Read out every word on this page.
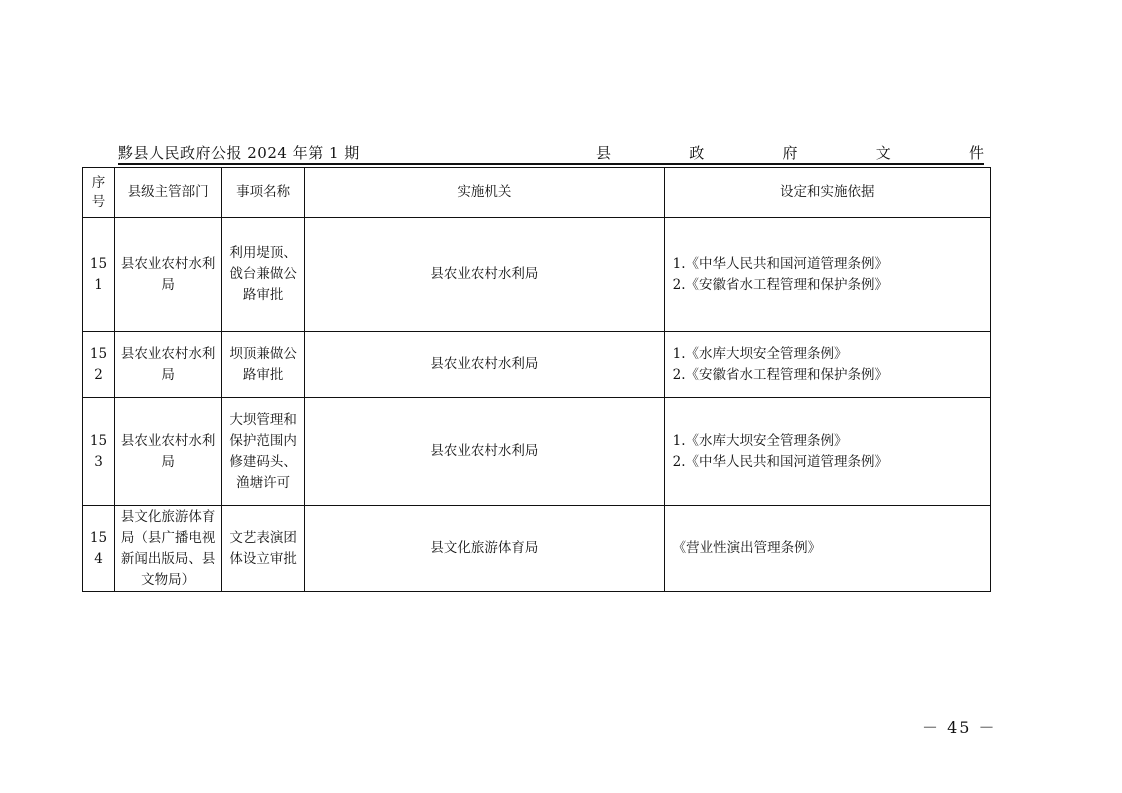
黟县人民政府公报 2024 年第 1 期	县	政	府	文	件
序号	县级主管部门	事项名称	实施机关	设定和实施依据
151	县农业农村水利局	利用堤顶、戗台兼做公路审批	县农业农村水利局	1.《中华人民共和国河道管理条例》
2.《安徽省水工程管理和保护条例》

152	县农业农村水利局	坝顶兼做公路审批	县农业农村水利局	1.《水库大坝安全管理条例》
2.《安徽省水工程管理和保护条例》

153	县农业农村水利局	大坝管理和保护范围内修建码头、渔塘许可	县农业农村水利局	1.《水库大坝安全管理条例》
2.《中华人民共和国河道管理条例》

154	县文化旅游体育局（县广播电视新闻出版局、县文物局）	文艺表演团体设立审批	县文化旅游体育局	《营业性演出管理条例》
－ 45 －
